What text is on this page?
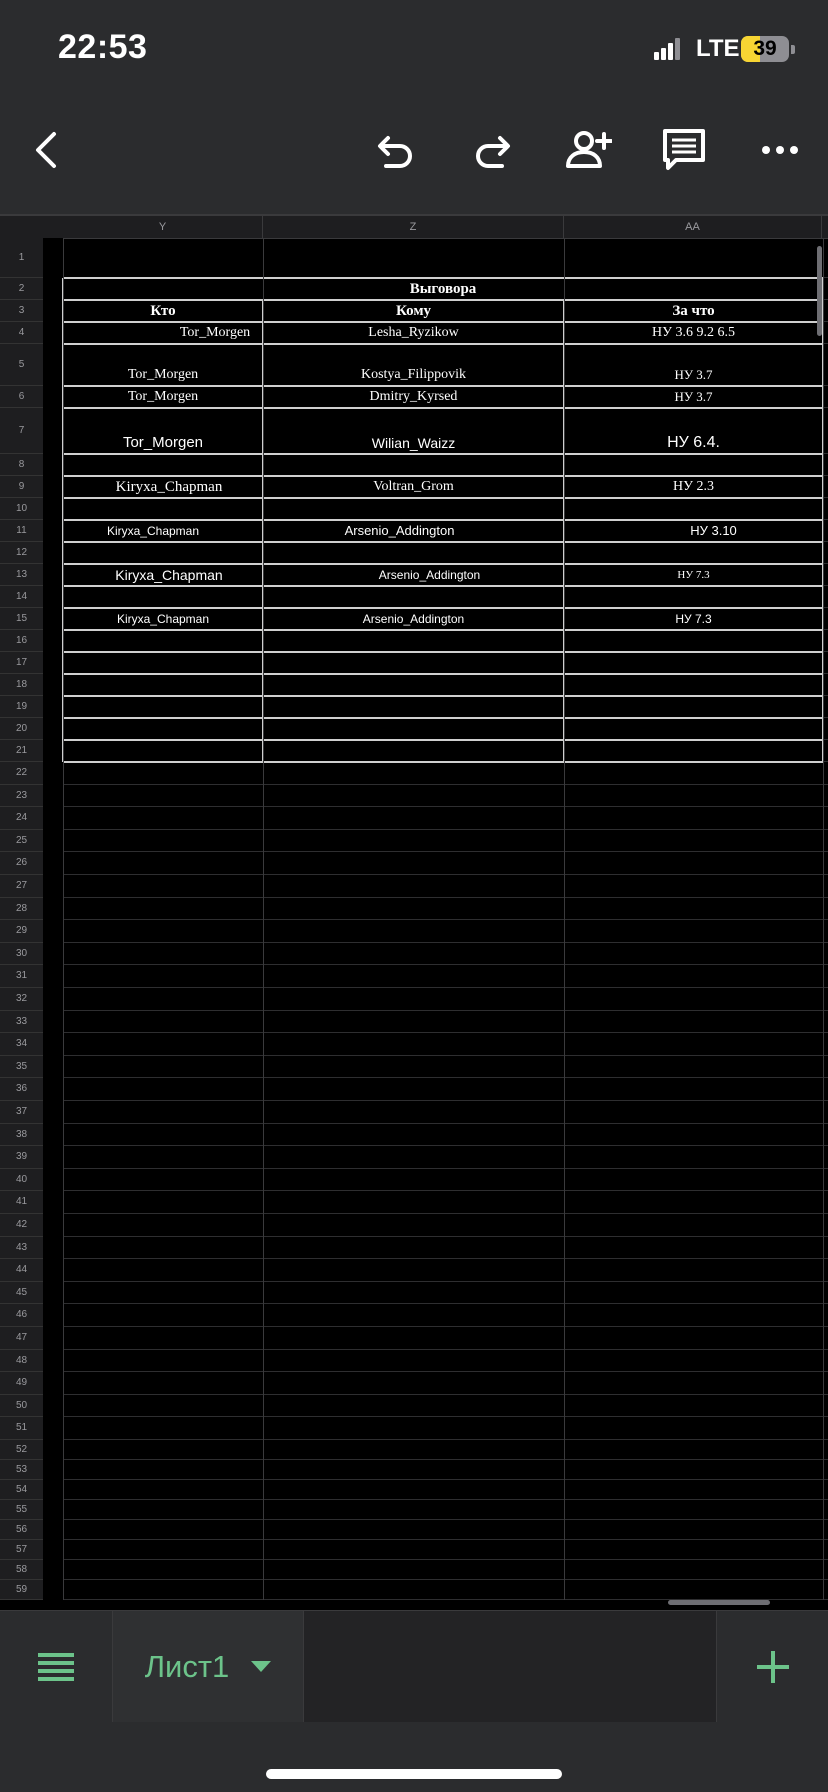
22:53	LTE 39
Y	Z	AA
1
2
3
4
5
6
7
8
9
10
11
12
13
14
15
16
17
18
19
20
21
22
23
24
25
26
27
28
29
30
31
32
33
34
35
36
37
38
39
40
41
42
43
44
45
46
47
48
49
50
51
52
53
54
55
56
57
58
59
Выговора
Кто	Кому	За что
Tor_Morgen	Lesha_Ryzikow	НУ 3.6 9.2 6.5
Tor_Morgen	Kostya_Filippovik	НУ 3.7
Tor_Morgen	Dmitry_Kyrsed	НУ 3.7
Tor_Morgen	Wilian_Waizz	НУ 6.4.
Kiryxa_Chapman	Voltran_Grom	НУ 2.3
Kiryxa_Chapman	Arsenio_Addington	НУ 3.10
Kiryxa_Chapman	Arsenio_Addington	НУ 7.3
Kiryxa_Chapman	Arsenio_Addington	НУ 7.3
Лист1
